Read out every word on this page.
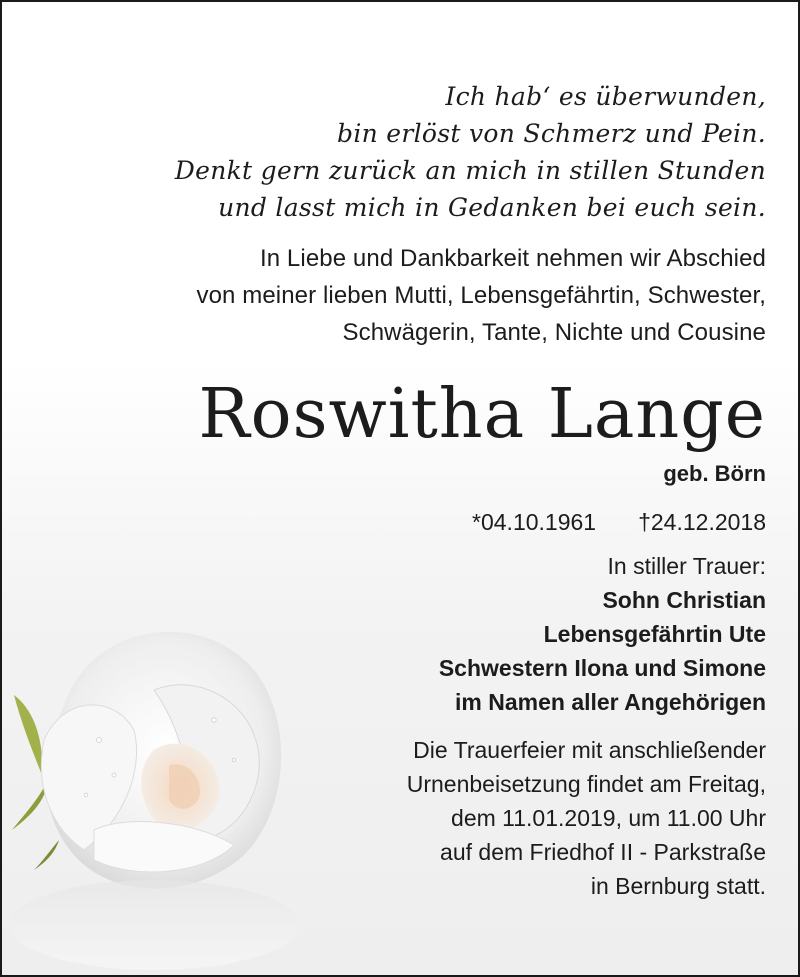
Ich hab‘ es überwunden,
bin erlöst von Schmerz und Pein.
Denkt gern zurück an mich in stillen Stunden
und lasst mich in Gedanken bei euch sein.
In Liebe und Dankbarkeit nehmen wir Abschied
von meiner lieben Mutti, Lebensgefährtin, Schwester,
Schwägerin, Tante, Nichte und Cousine
Roswitha Lange
geb. Börn
*04.10.1961 †24.12.2018
In stiller Trauer:
Sohn Christian
Lebensgefährtin Ute
Schwestern Ilona und Simone
im Namen aller Angehörigen
Die Trauerfeier mit anschließender
Urnenbeisetzung findet am Freitag,
dem 11.01.2019, um 11.00 Uhr
auf dem Friedhof II - Parkstraße
in Bernburg statt.
